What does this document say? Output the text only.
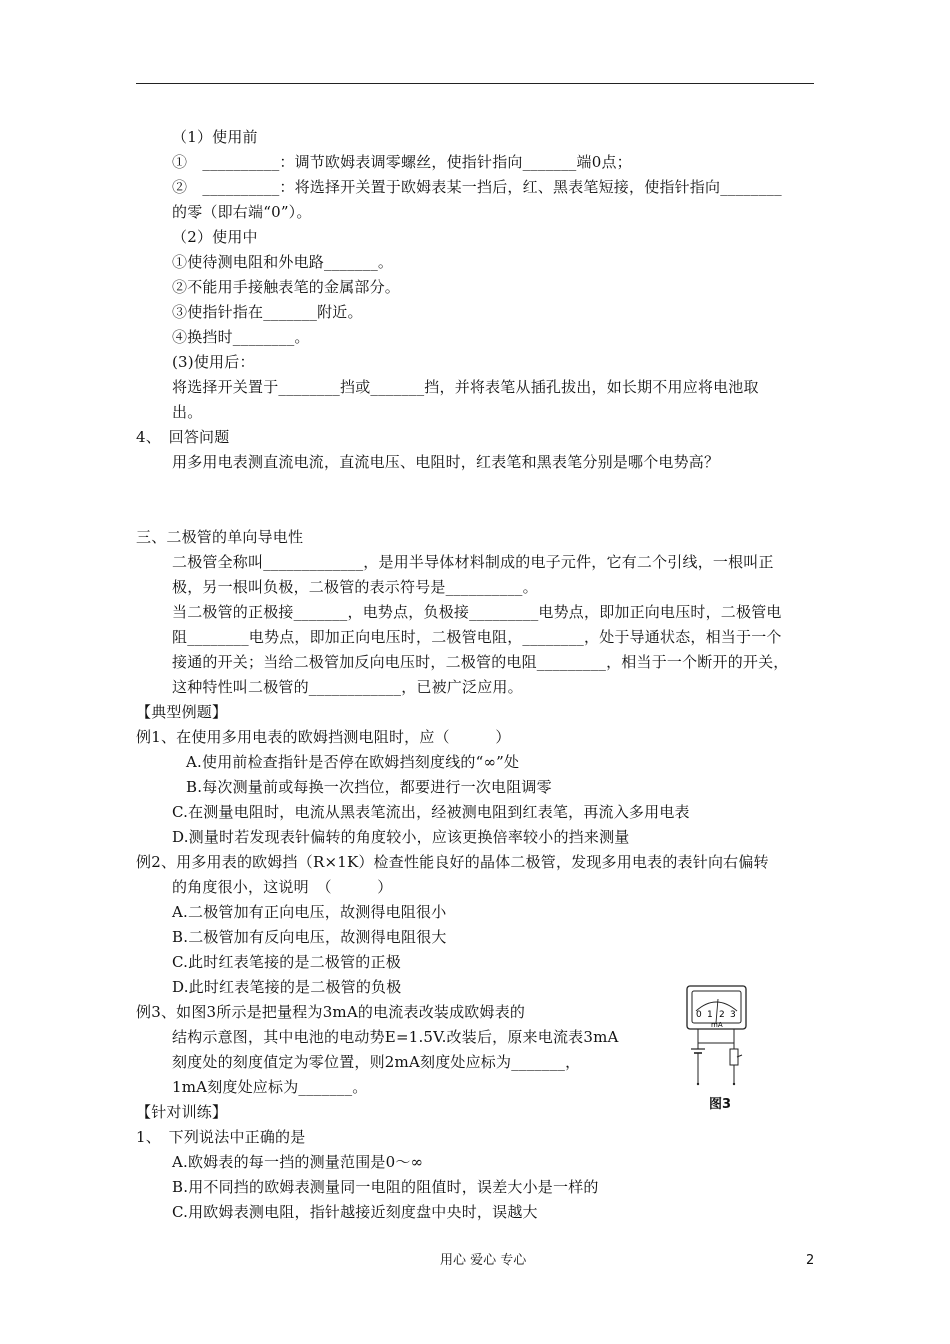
（1）使用前
①　__________：调节欧姆表调零螺丝，使指针指向_______端0点；
②　__________：将选择开关置于欧姆表某一挡后，红、黑表笔短接，使指针指向________
的零（即右端“0”）。
（2）使用中
①使待测电阻和外电路_______。
②不能用手接触表笔的金属部分。
③使指针指在_______附近。
④换挡时________。
(3)使用后：
将选择开关置于________挡或_______挡，并将表笔从插孔拔出，如长期不用应将电池取
出。
4、　回答问题
用多用电表测直流电流，直流电压、电阻时，红表笔和黑表笔分别是哪个电势高？
三、二极管的单向导电性
二极管全称叫_____________，是用半导体材料制成的电子元件，它有二个引线，一根叫正
极，另一根叫负极，二极管的表示符号是__________。
当二极管的正极接_______，电势点，负极接_________电势点，即加正向电压时，二极管电
阻________电势点，即加正向电压时，二极管电阻，________，处于导通状态，相当于一个
接通的开关；当给二极管加反向电压时，二极管的电阻_________，相当于一个断开的开关，
这种特性叫二极管的____________，已被广泛应用。
【典型例题】
例1、在使用多用电表的欧姆挡测电阻时，应（　　　）
A.使用前检查指针是否停在欧姆挡刻度线的“∞”处
B.每次测量前或每换一次挡位，都要进行一次电阻调零
C.在测量电阻时，电流从黑表笔流出，经被测电阻到红表笔，再流入多用电表
D.测量时若发现表针偏转的角度较小，应该更换倍率较小的挡来测量
例2、用多用表的欧姆挡（R×1K）检查性能良好的晶体二极管，发现多用电表的表针向右偏转
的角度很小，这说明　（　　　）
A.二极管加有正向电压，故测得电阻很小
B.二极管加有反向电压，故测得电阻很大
C.此时红表笔接的是二极管的正极
D.此时红表笔接的是二极管的负极
例3、如图3所示是把量程为3mA的电流表改装成欧姆表的
结构示意图，其中电池的电动势E=1.5V.改装后，原来电流表3mA
刻度处的刻度值定为零位置，则2mA刻度处应标为_______，
1mA刻度处应标为_______。
【针对训练】
1、　下列说法中正确的是
A.欧姆表的每一挡的测量范围是0～∞
B.用不同挡的欧姆表测量同一电阻的阻值时，误差大小是一样的
C.用欧姆表测电阻，指针越接近刻度盘中央时，误越大
0 1 2 3
mA
图3
用心 爱心 专心	2
